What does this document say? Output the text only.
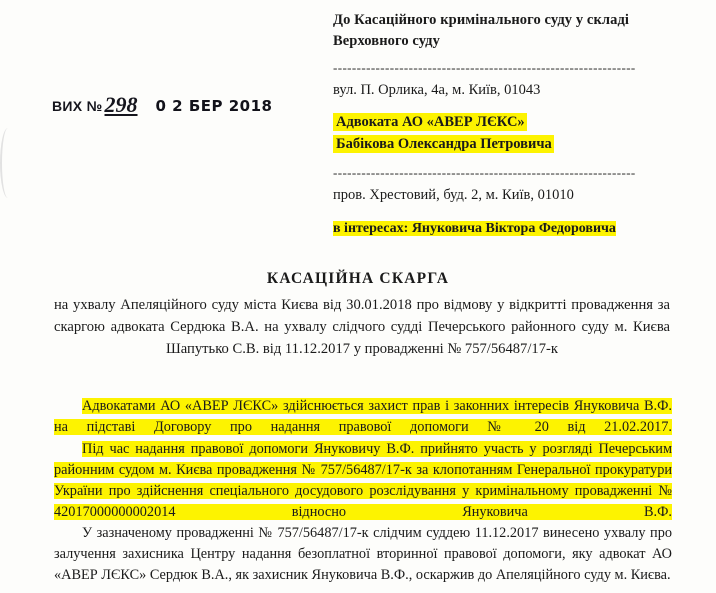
ВИХ №298 0 2 БЕР 2018
До Касаційного кримінального суду у складі
Верховного суду
----------------------------------------------------------------
вул. П. Орлика, 4а, м. Київ, 01043
Адвоката АО «АВЕР ЛЄКС»
Бабікова Олександра Петровича
----------------------------------------------------------------
пров. Хрестовий, буд. 2, м. Київ, 01010
в інтересах: Януковича Віктора Федоровича
КАСАЦІЙНА СКАРГА
на ухвалу Апеляційного суду міста Києва від 30.01.2018 про відмову у відкритті провадження за скаргою адвоката Сердюка В.А. на ухвалу слідчого судді Печерського районного суду м. Києва Шапутько С.В. від 11.12.2017 у провадженні № 757/56487/17-к

Адвокатами АО «АВЕР ЛЄКС» здійснюється захист прав і законних інтересів Януковича В.Ф. на підставі Договору про надання правової допомоги № 20 від 21.02.2017.

Під час надання правової допомоги Януковичу В.Ф. прийнято участь у розгляді Печерським районним судом м. Києва провадження № 757/56487/17-к за клопотанням Генеральної прокуратури України про здійснення спеціального досудового розслідування у кримінальному провадженні № 42017000000002014 відносно Януковича В.Ф.

У зазначеному провадженні № 757/56487/17-к слідчим суддею 11.12.2017 винесено ухвалу про залучення захисника Центру надання безоплатної вторинної правової допомоги, яку адвокат АО «АВЕР ЛЄКС» Сердюк В.А., як захисник Януковича В.Ф., оскаржив до Апеляційного суду м. Києва.
